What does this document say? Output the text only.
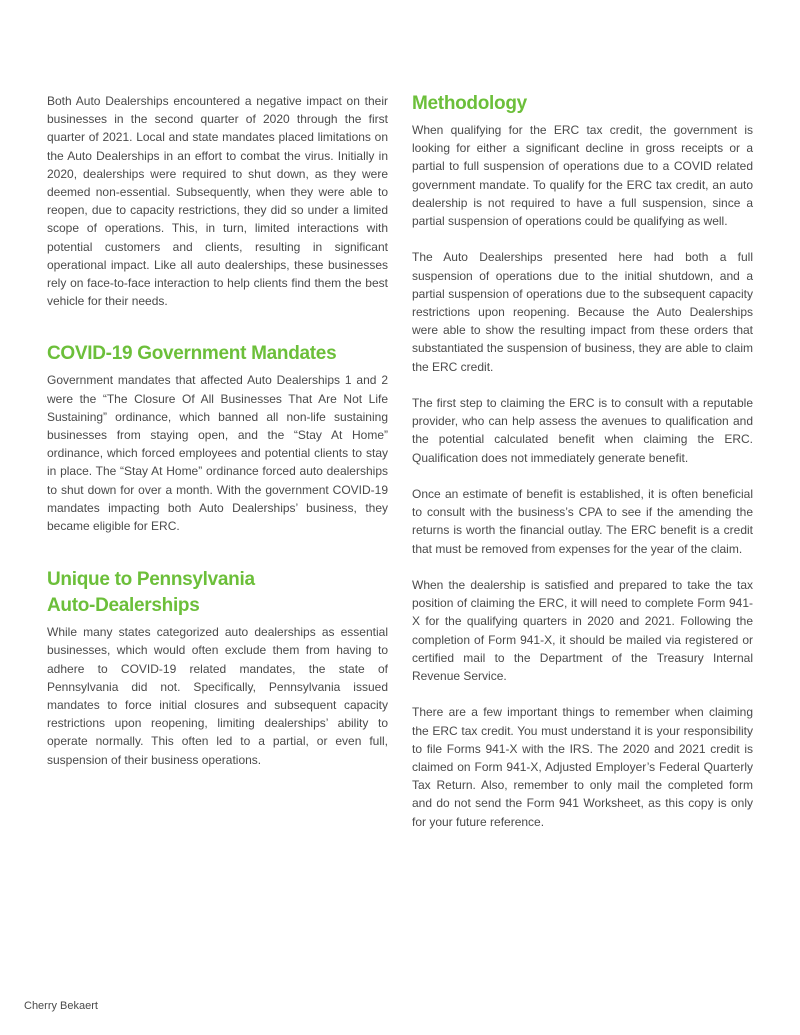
Both Auto Dealerships encountered a negative impact on their businesses in the second quarter of 2020 through the first quarter of 2021. Local and state mandates placed limitations on the Auto Dealerships in an effort to combat the virus. Initially in 2020, dealerships were required to shut down, as they were deemed non-essential. Subsequently, when they were able to reopen, due to capacity restrictions, they did so under a limited scope of operations. This, in turn, limited interactions with potential customers and clients, resulting in significant operational impact. Like all auto dealerships, these businesses rely on face-to-face interaction to help clients find them the best vehicle for their needs.

COVID-19 Government Mandates

Government mandates that affected Auto Dealerships 1 and 2 were the “The Closure Of All Businesses That Are Not Life Sustaining” ordinance, which banned all non-life sustaining businesses from staying open, and the “Stay At Home” ordinance, which forced employees and potential clients to stay in place. The “Stay At Home” ordinance forced auto dealerships to shut down for over a month. With the government COVID-19 mandates impacting both Auto Dealerships’ business, they became eligible for ERC.

Unique to Pennsylvania
Auto-Dealerships

While many states categorized auto dealerships as essential businesses, which would often exclude them from having to adhere to COVID-19 related mandates, the state of Pennsylvania did not. Specifically, Pennsylvania issued mandates to force initial closures and subsequent capacity restrictions upon reopening, limiting dealerships’ ability to operate normally. This often led to a partial, or even full, suspension of their business operations.

Methodology

When qualifying for the ERC tax credit, the government is looking for either a significant decline in gross receipts or a partial to full suspension of operations due to a COVID related government mandate. To qualify for the ERC tax credit, an auto dealership is not required to have a full suspension, since a partial suspension of operations could be qualifying as well.

The Auto Dealerships presented here had both a full suspension of operations due to the initial shutdown, and a partial suspension of operations due to the subsequent capacity restrictions upon reopening. Because the Auto Dealerships were able to show the resulting impact from these orders that substantiated the suspension of business, they are able to claim the ERC credit.

The first step to claiming the ERC is to consult with a reputable provider, who can help assess the avenues to qualification and the potential calculated benefit when claiming the ERC. Qualification does not immediately generate benefit.

Once an estimate of benefit is established, it is often beneficial to consult with the business’s CPA to see if the amending the returns is worth the financial outlay. The ERC benefit is a credit that must be removed from expenses for the year of the claim.

When the dealership is satisfied and prepared to take the tax position of claiming the ERC, it will need to complete Form 941-X for the qualifying quarters in 2020 and 2021. Following the completion of Form 941-X, it should be mailed via registered or certified mail to the Department of the Treasury Internal Revenue Service.

There are a few important things to remember when claiming the ERC tax credit. You must understand it is your responsibility to file Forms 941-X with the IRS. The 2020 and 2021 credit is claimed on Form 941-X, Adjusted Employer’s Federal Quarterly Tax Return. Also, remember to only mail the completed form and do not send the Form 941 Worksheet, as this copy is only for your future reference.

Cherry Bekaert
